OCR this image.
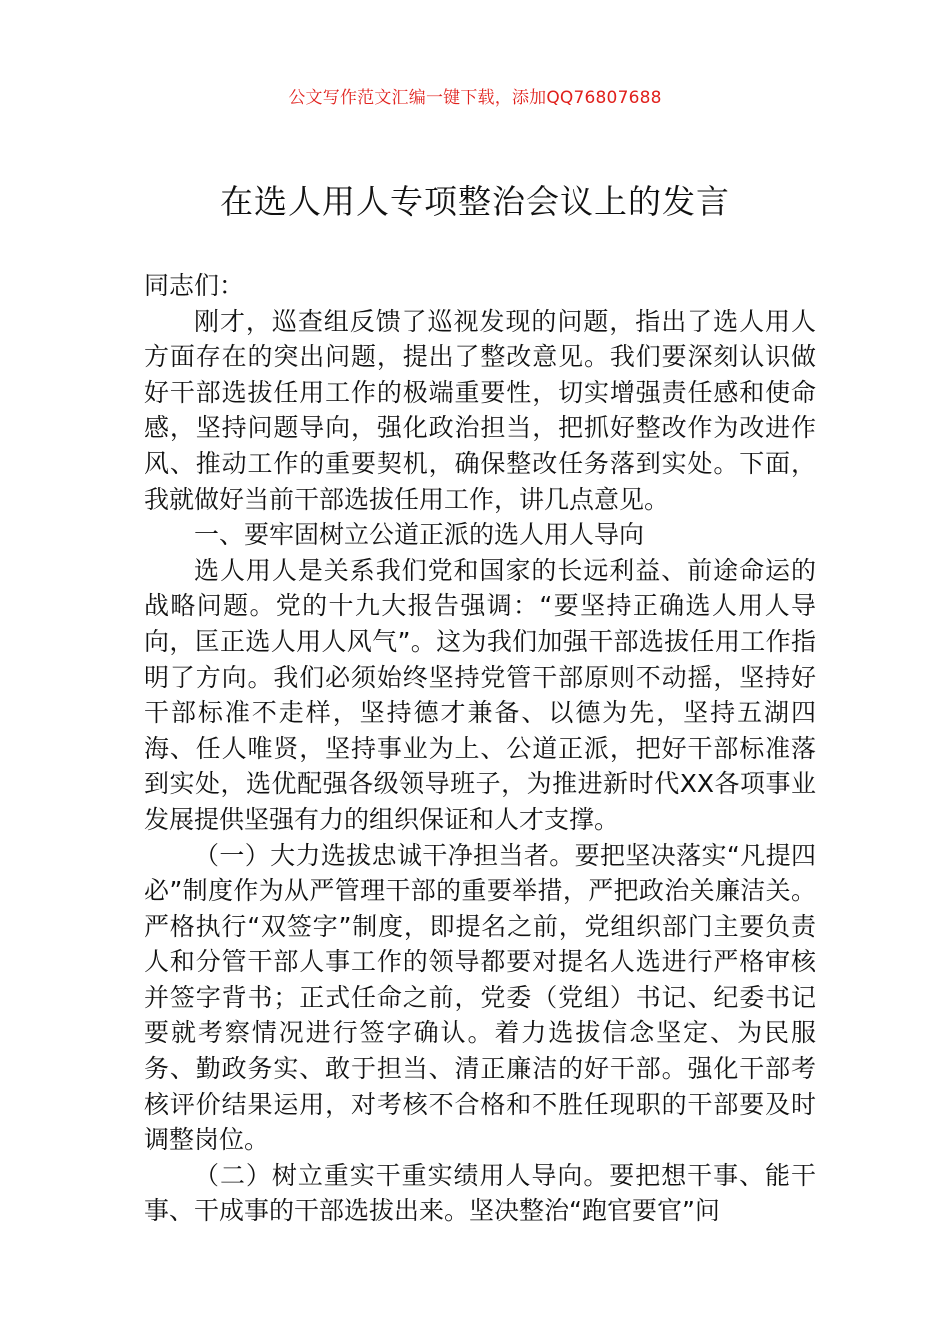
公文写作范文汇编一键下载，添加QQ76807688
在选人用人专项整治会议上的发言

同志们：

刚才，巡查组反馈了巡视发现的问题，指出了选人用人方面存在的突出问题，提出了整改意见。我们要深刻认识做好干部选拔任用工作的极端重要性，切实增强责任感和使命感，坚持问题导向，强化政治担当，把抓好整改作为改进作风、推动工作的重要契机，确保整改任务落到实处。下面，我就做好当前干部选拔任用工作，讲几点意见。

一、要牢固树立公道正派的选人用人导向

选人用人是关系我们党和国家的长远利益、前途命运的战略问题。党的十九大报告强调：“要坚持正确选人用人导向，匡正选人用人风气”。这为我们加强干部选拔任用工作指明了方向。我们必须始终坚持党管干部原则不动摇，坚持好干部标准不走样，坚持德才兼备、以德为先，坚持五湖四海、任人唯贤，坚持事业为上、公道正派，把好干部标准落到实处，选优配强各级领导班子，为推进新时代XX各项事业发展提供坚强有力的组织保证和人才支撑。

（一）大力选拔忠诚干净担当者。要把坚决落实“凡提四必”制度作为从严管理干部的重要举措，严把政治关廉洁关。严格执行“双签字”制度，即提名之前，党组织部门主要负责人和分管干部人事工作的领导都要对提名人选进行严格审核并签字背书；正式任命之前，党委（党组）书记、纪委书记要就考察情况进行签字确认。着力选拔信念坚定、为民服务、勤政务实、敢于担当、清正廉洁的好干部。强化干部考核评价结果运用，对考核不合格和不胜任现职的干部要及时调整岗位。

（二）树立重实干重实绩用人导向。要把想干事、能干事、干成事的干部选拔出来。坚决整治“跑官要官”问
